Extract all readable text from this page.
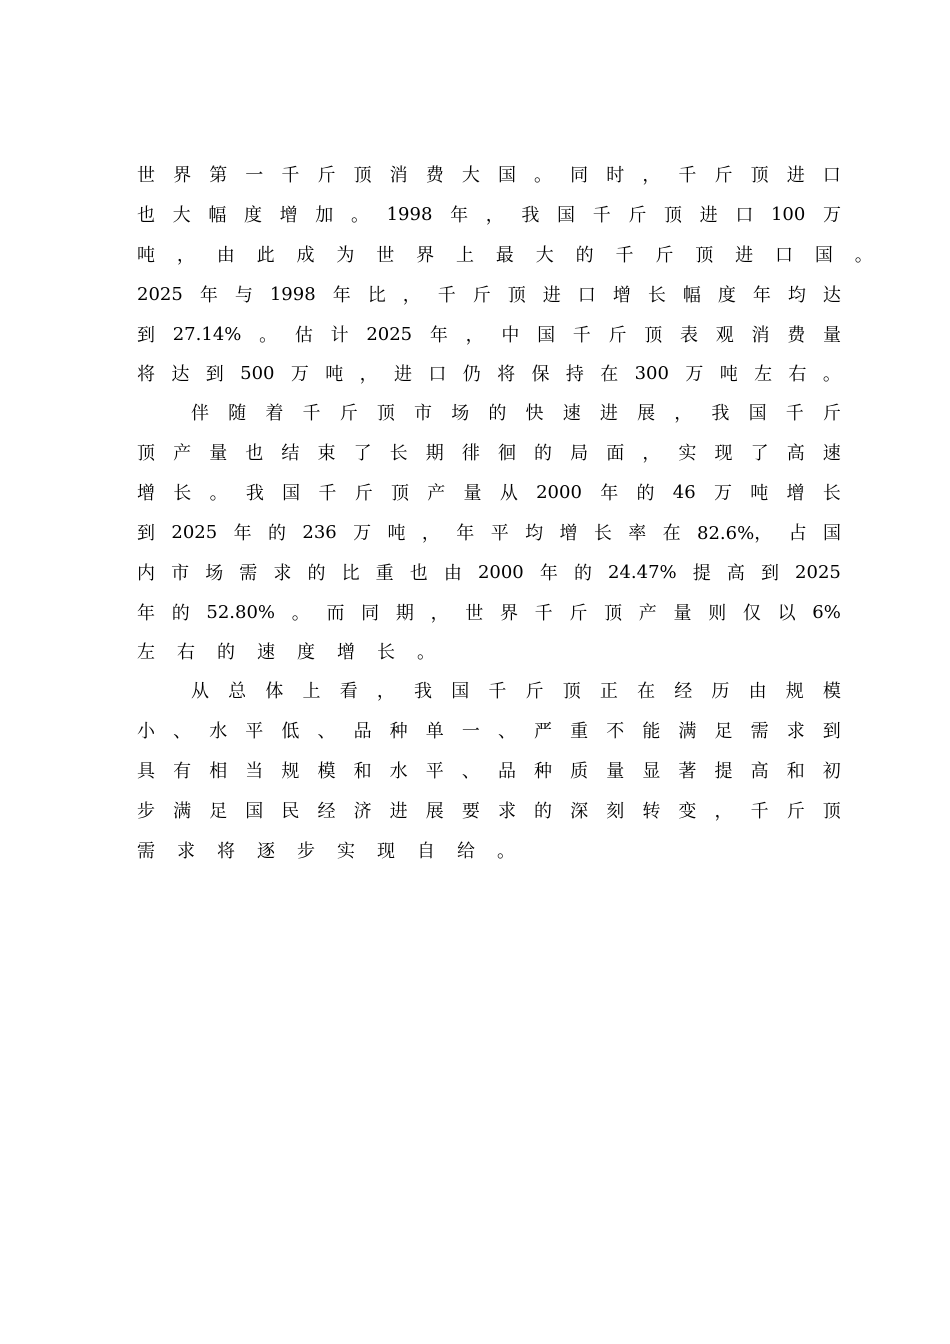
世 界 第 一 千 斤 顶 消 费 大 国 。 同 时 ， 千 斤 顶 进 口
也 大 幅 度 增 加 。 1998 年 ， 我 国 千 斤 顶 进 口 100 万
吨 ， 由 此 成 为 世 界 上 最 大 的 千 斤 顶 进 口 国 。
2025 年 与 1998 年 比 ， 千 斤 顶 进 口 增 长 幅 度 年 均 达
到 27.14% 。 估 计 2025 年 ， 中 国 千 斤 顶 表 观 消 费 量
将 达 到 500 万 吨 ， 进 口 仍 将 保 持 在 300 万 吨 左 右 。
伴 随 着 千 斤 顶 市 场 的 快 速 进 展 ， 我 国 千 斤
顶 产 量 也 结 束 了 长 期 徘 徊 的 局 面 ， 实 现 了 高 速
增 长 。 我 国 千 斤 顶 产 量 从 2000 年 的 46 万 吨 增 长
到 2025 年 的 236 万 吨 ， 年 平 均 增 长 率 在 82.6%， 占 国
内 市 场 需 求 的 比 重 也 由 2000 年 的 24.47% 提 高 到 2025
年 的 52.80% 。 而 同 期 ， 世 界 千 斤 顶 产 量 则 仅 以 6%
左 右 的 速 度 增 长 。
从 总 体 上 看 ， 我 国 千 斤 顶 正 在 经 历 由 规 模
小 、 水 平 低 、 品 种 单 一 、 严 重 不 能 满 足 需 求 到
具 有 相 当 规 模 和 水 平 、 品 种 质 量 显 著 提 高 和 初
步 满 足 国 民 经 济 进 展 要 求 的 深 刻 转 变 ， 千 斤 顶
需 求 将 逐 步 实 现 自 给 。
